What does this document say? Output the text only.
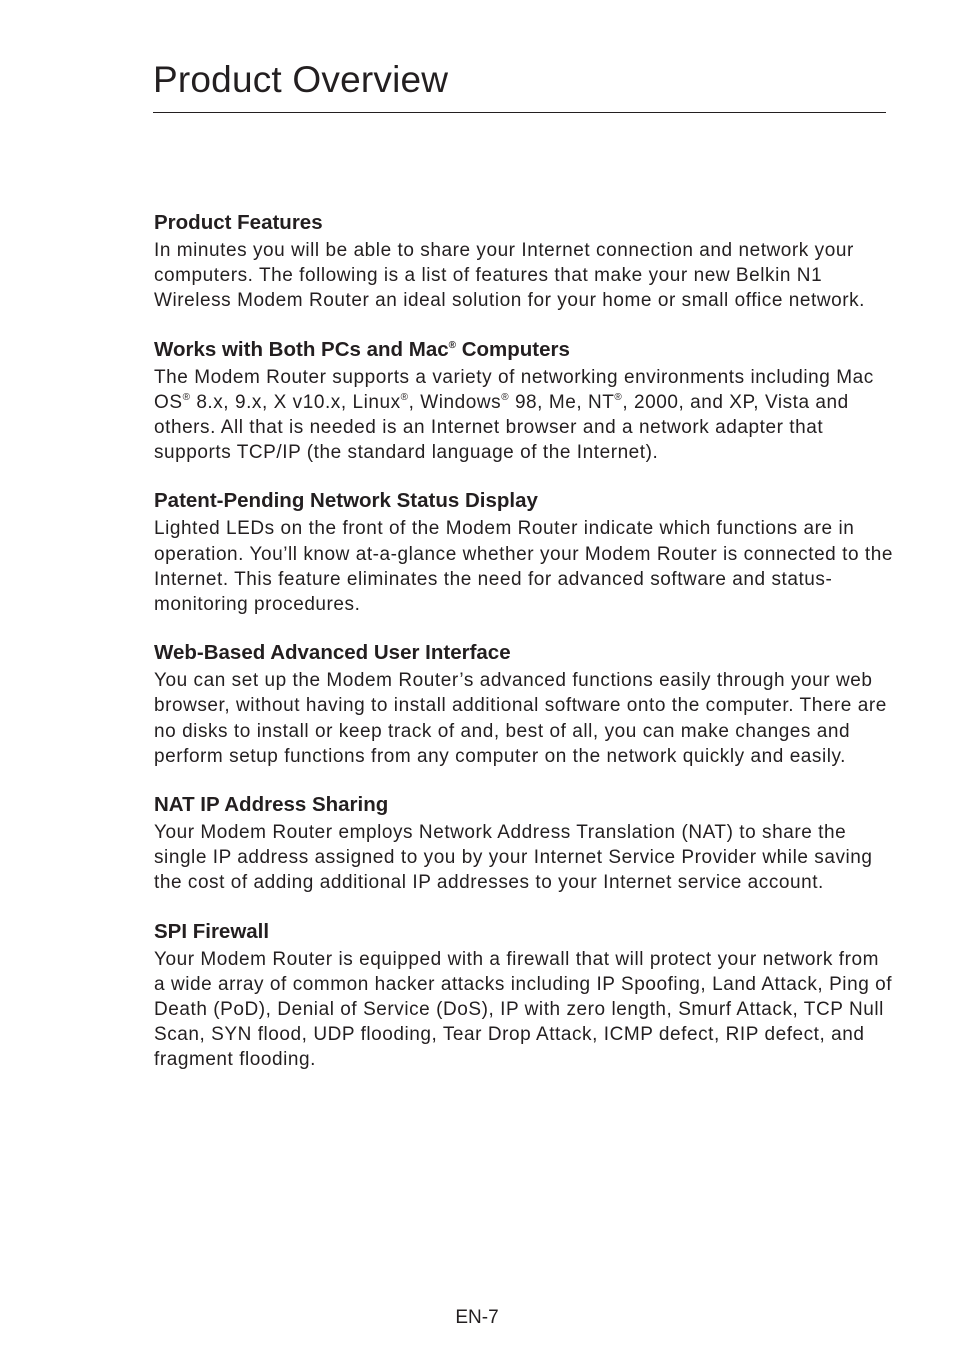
Product Overview
Product Features

In minutes you will be able to share your Internet connection and network your computers. The following is a list of features that make your new Belkin N1 Wireless Modem Router an ideal solution for your home or small office network.

Works with Both PCs and Mac® Computers

The Modem Router supports a variety of networking environments including Mac OS® 8.x, 9.x, X v10.x, Linux®, Windows® 98, Me, NT®, 2000, and XP, Vista and others. All that is needed is an Internet browser and a network adapter that supports TCP/IP (the standard language of the Internet).

Patent-Pending Network Status Display

Lighted LEDs on the front of the Modem Router indicate which functions are in operation. You’ll know at-a-glance whether your Modem Router is connected to the Internet. This feature eliminates the need for advanced software and status-monitoring procedures.

Web-Based Advanced User Interface

You can set up the Modem Router’s advanced functions easily through your web browser, without having to install additional software onto the computer. There are no disks to install or keep track of and, best of all, you can make changes and perform setup functions from any computer on the network quickly and easily.

NAT IP Address Sharing

Your Modem Router employs Network Address Translation (NAT) to share the single IP address assigned to you by your Internet Service Provider while saving the cost of adding additional IP addresses to your Internet service account.

SPI Firewall

Your Modem Router is equipped with a firewall that will protect your network from a wide array of common hacker attacks including IP Spoofing, Land Attack, Ping of Death (PoD), Denial of Service (DoS), IP with zero length, Smurf Attack, TCP Null Scan, SYN flood, UDP flooding, Tear Drop Attack, ICMP defect, RIP defect, and fragment flooding.

EN-7
